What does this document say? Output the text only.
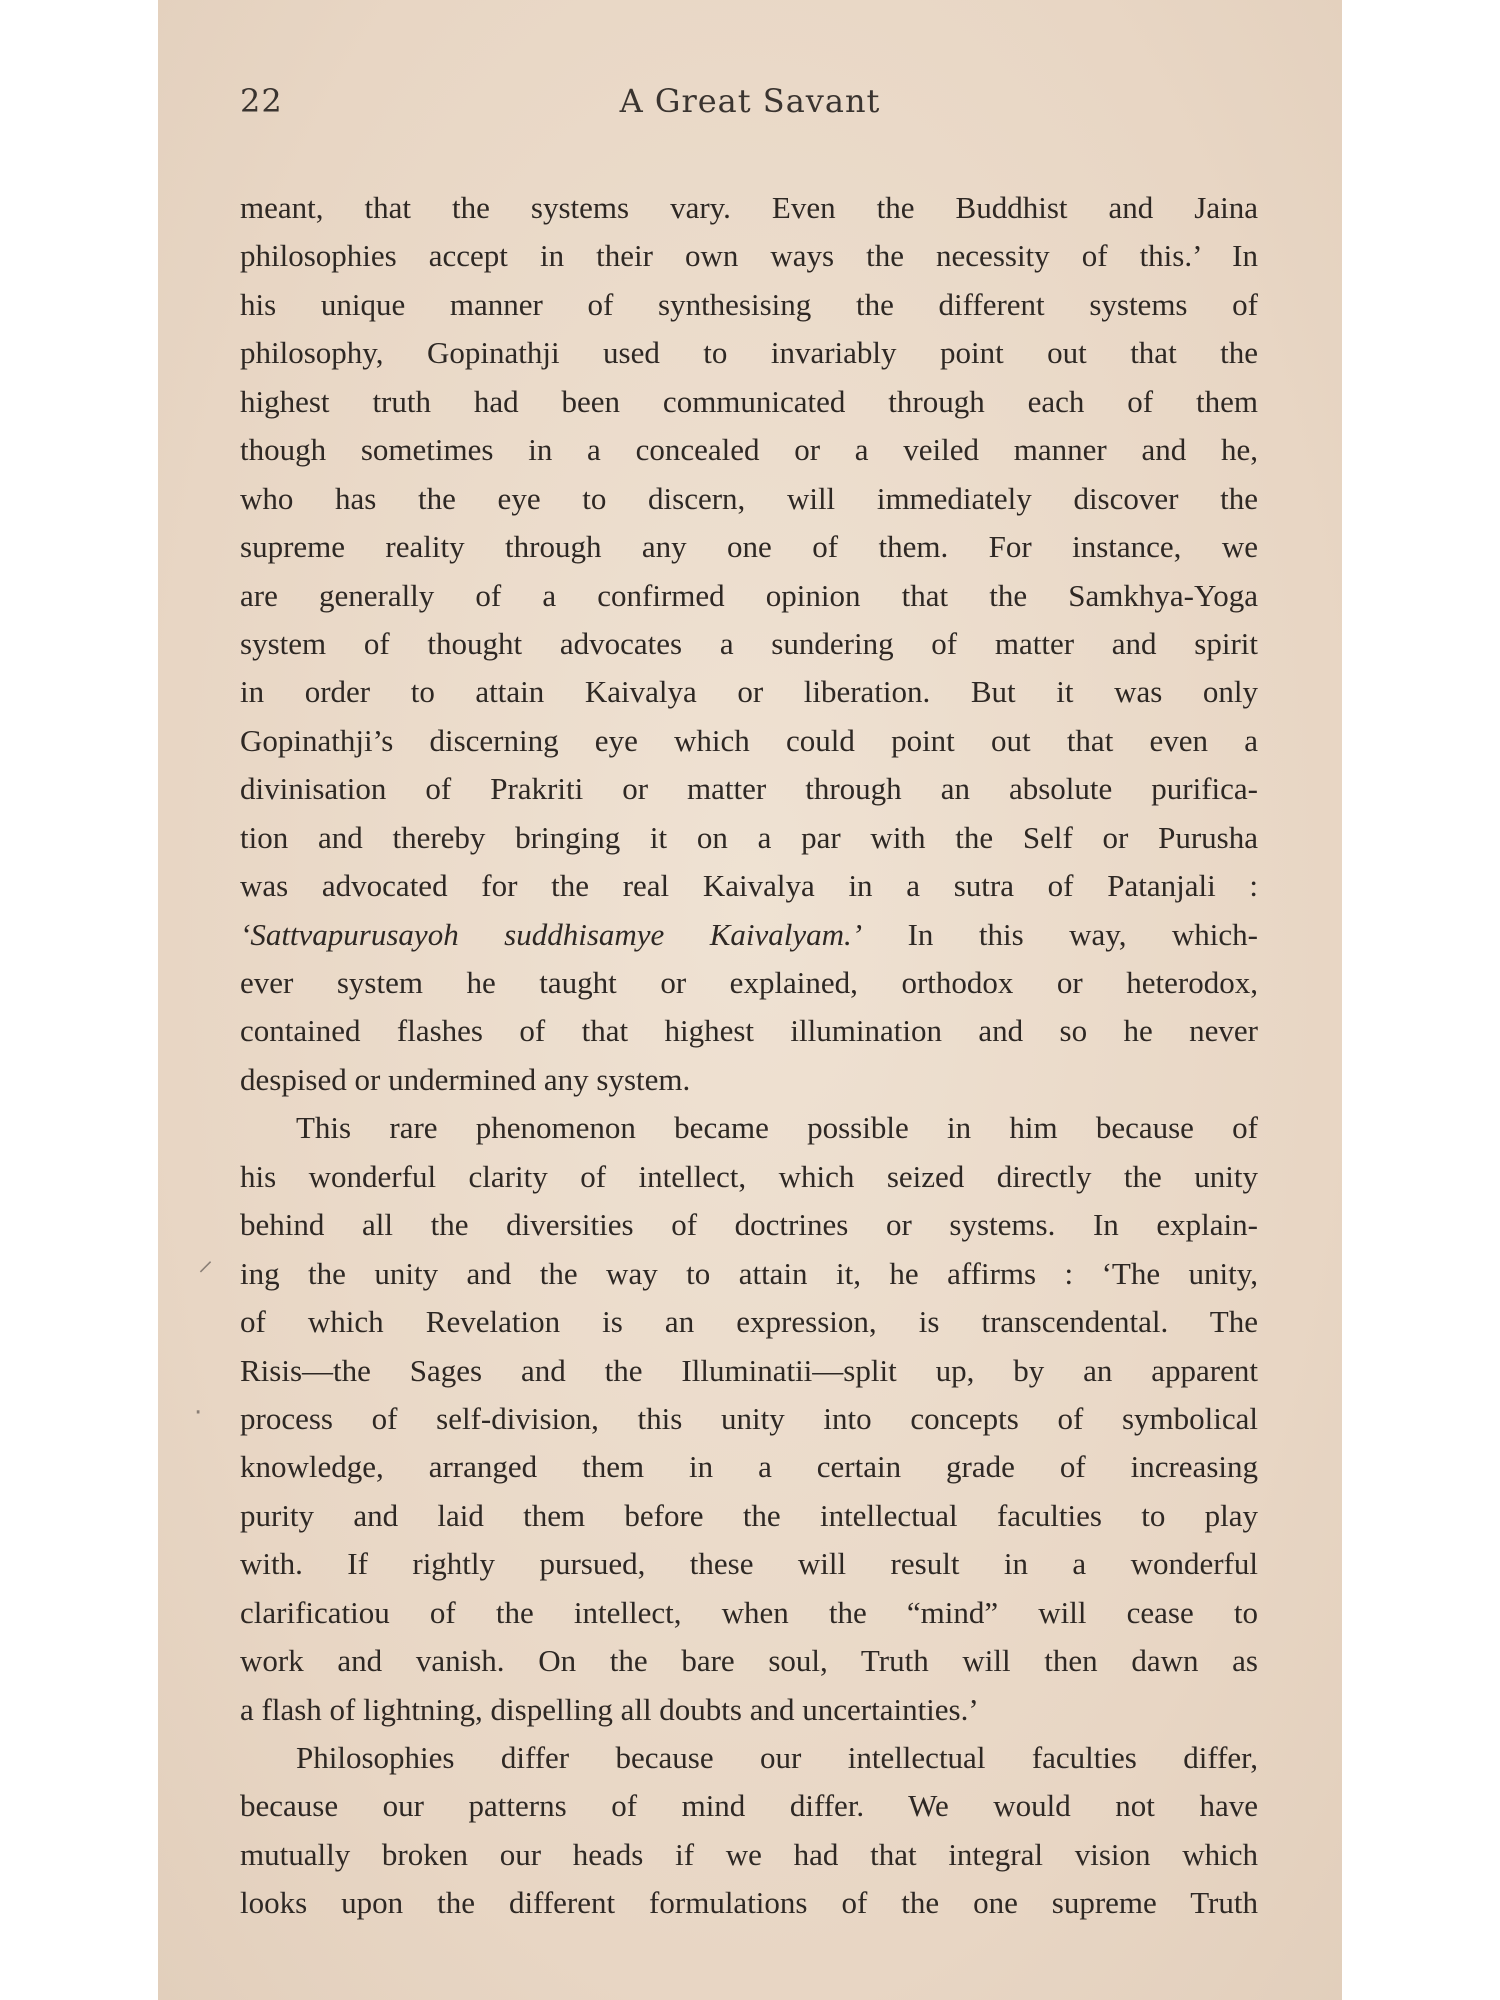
22	A Great Savant
⸝
·
meant, that the systems vary. Even the Buddhist and Jaina
philosophies accept in their own ways the necessity of this.’ In
his unique manner of synthesising the different systems of
philosophy, Gopinathji used to invariably point out that the
highest truth had been communicated through each of them
though sometimes in a concealed or a veiled manner and he,
who has the eye to discern, will immediately discover the
supreme reality through any one of them. For instance, we
are generally of a confirmed opinion that the Samkhya-Yoga
system of thought advocates a sundering of matter and spirit
in order to attain Kaivalya or liberation. But it was only
Gopinathji’s discerning eye which could point out that even a
divinisation of Prakriti or matter through an absolute purifica-
tion and thereby bringing it on a par with the Self or Purusha
was advocated for the real Kaivalya in a sutra of Patanjali :
‘Sattvapurusayoh suddhisamye Kaivalyam.’ In this way, which-
ever system he taught or explained, orthodox or heterodox,
contained flashes of that highest illumination and so he never
despised or undermined any system.
This rare phenomenon became possible in him because of
his wonderful clarity of intellect, which seized directly the unity
behind all the diversities of doctrines or systems. In explain-
ing the unity and the way to attain it, he affirms : ‘The unity,
of which Revelation is an expression, is transcendental. The
Risis—the Sages and the Illuminatii—split up, by an apparent
process of self-division, this unity into concepts of symbolical
knowledge, arranged them in a certain grade of increasing
purity and laid them before the intellectual faculties to play
with. If rightly pursued, these will result in a wonderful
clarificatiou of the intellect, when the “mind” will cease to
work and vanish. On the bare soul, Truth will then dawn as
a flash of lightning, dispelling all doubts and uncertainties.’
Philosophies differ because our intellectual faculties differ,
because our patterns of mind differ. We would not have
mutually broken our heads if we had that integral vision which
looks upon the different formulations of the one supreme Truth
